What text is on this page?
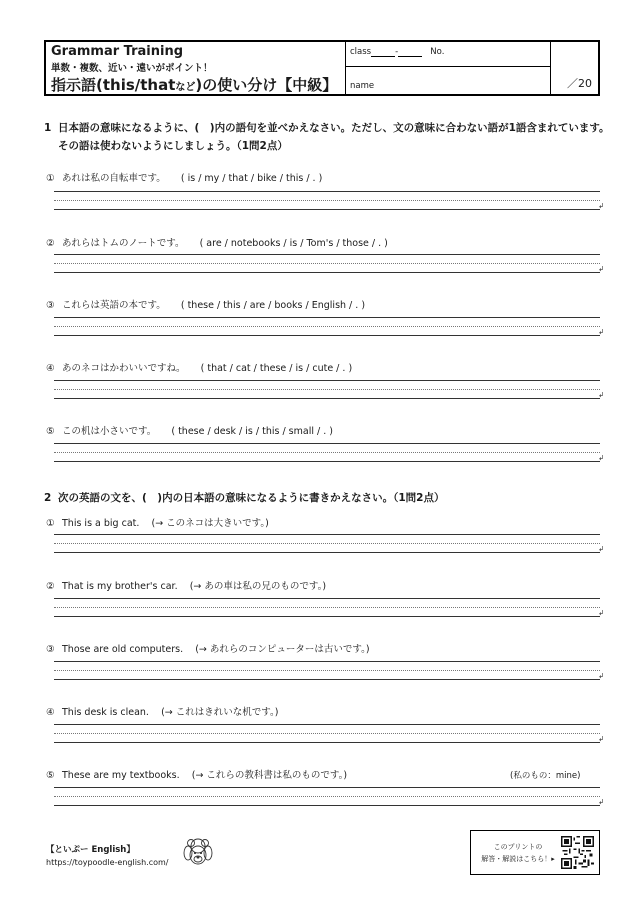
Grammar Training
単数・複数、近い・遠いがポイント！
指示語(this/thatなど)の使い分け【中級】
class	-	No.
name	／20
1 日本語の意味になるように、(　)内の語句を並べかえなさい。ただし、文の意味に合わない語が1語含まれています。
その語は使わないようにしましょう。（1問2点）
① あれは私の自転車です。 ( is / my / that / bike / this / . )
↲
② あれらはトムのノートです。 ( are / notebooks / is / Tom's / those / . )
↲
③ これらは英語の本です。 ( these / this / are / books / English / . )
↲
④ あのネコはかわいいですね。 ( that / cat / these / is / cute / . )
↲
⑤ この机は小さいです。 ( these / desk / is / this / small / . )
↲
2 次の英語の文を、(　)内の日本語の意味になるように書きかえなさい。（1問2点）
① This is a big cat. (→ このネコは大きいです。)
↲
② That is my brother's car. (→ あの車は私の兄のものです。)
↲
③ Those are old computers. (→ あれらのコンピューターは古いです。)
↲
④ This desk is clean. (→ これはきれいな机です。)
↲
⑤ These are my textbooks. (→ これらの教科書は私のものです。)	(私のもの：mine)
↲
【といぷー English】
https://toypoodle-english.com/
このプリントの
解答・解説はこちら！▸
